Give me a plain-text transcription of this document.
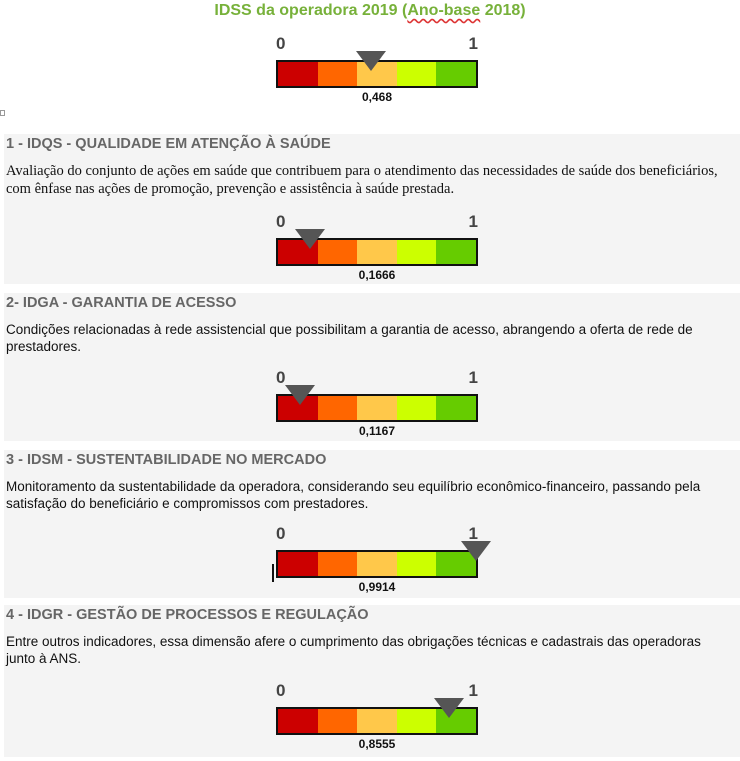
IDSS da operadora 2019 (Ano-base 2018)
0	1
0,468
1 - IDQS - QUALIDADE EM ATENÇÃO À SAÚDE
Avaliação do conjunto de ações em saúde que contribuem para o atendimento das necessidades de saúde dos beneficiários, com ênfase nas ações de promoção, prevenção e assistência à saúde prestada.
0	1
0,1666
2- IDGA - GARANTIA DE ACESSO
Condições relacionadas à rede assistencial que possibilitam a garantia de acesso, abrangendo a oferta de rede de prestadores.
0	1
0,1167
3 - IDSM - SUSTENTABILIDADE NO MERCADO
Monitoramento da sustentabilidade da operadora, considerando seu equilíbrio econômico-financeiro, passando pela satisfação do beneficiário e compromissos com prestadores.
0	1
0,9914
4 - IDGR - GESTÃO DE PROCESSOS E REGULAÇÃO
Entre outros indicadores, essa dimensão afere o cumprimento das obrigações técnicas e cadastrais das operadoras junto à ANS.
0	1
0,8555
